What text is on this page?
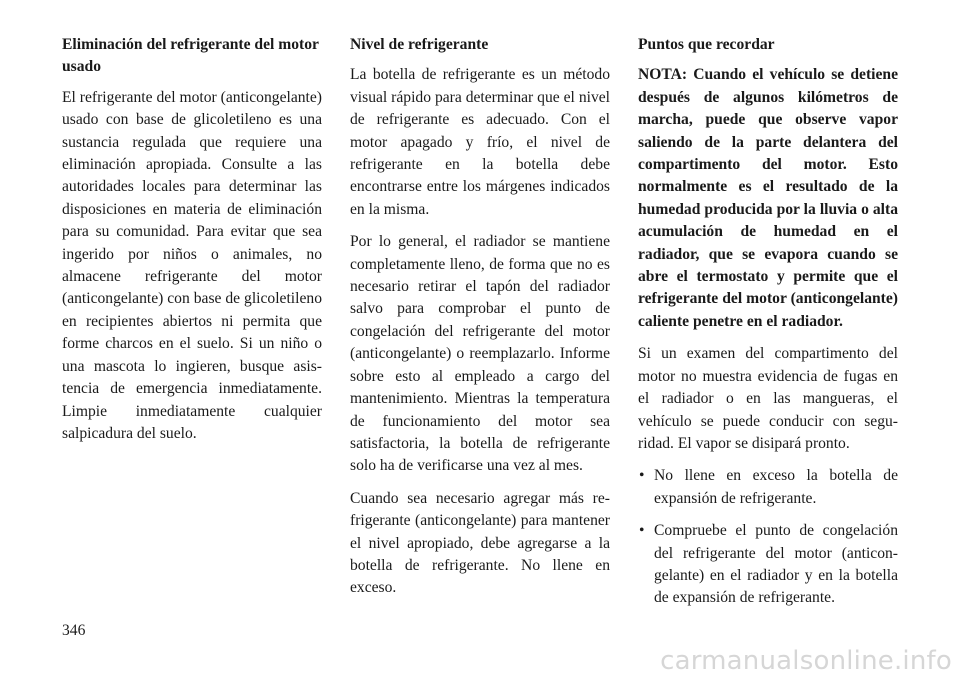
Eliminación del refrigerante del motor usado
El refrigerante del motor (anticongelante) usado con base de glicoletileno es una sustancia regulada que requiere una eliminación apropiada. Consulte a las autoridades locales para determinar las disposiciones en materia de eliminación para su comunidad. Para evitar que sea ingerido por niños o animales, no almacene refrigerante del motor (anticongelante) con base de glicoletileno en recipientes abiertos ni permita que forme charcos en el suelo. Si un niño o una mascota lo ingieren, busque asistencia de emergencia inmediatamente. Limpie inmediatamente cualquier salpicadura del suelo.
Nivel de refrigerante
La botella de refrigerante es un método visual rápido para determinar que el nivel de refrigerante es adecuado. Con el motor apagado y frío, el nivel de refrigerante en la botella debe encontrarse entre los márgenes indicados en la misma.
Por lo general, el radiador se mantiene completamente lleno, de forma que no es necesario retirar el tapón del radiador salvo para comprobar el punto de congelación del refrigerante del motor (anticongelante) o reemplazarlo. Informe sobre esto al empleado a cargo del mantenimiento. Mientras la temperatura de funcionamiento del motor sea satisfactoria, la botella de refrigerante solo ha de verificarse una vez al mes.
Cuando sea necesario agregar más refrigerante (anticongelante) para mantener el nivel apropiado, debe agregarse a la botella de refrigerante. No llene en exceso.
Puntos que recordar
NOTA: Cuando el vehículo se detiene después de algunos kilómetros de marcha, puede que observe vapor saliendo de la parte delantera del compartimento del motor. Esto normalmente es el resultado de la humedad producida por la lluvia o alta acumulación de humedad en el radiador, que se evapora cuando se abre el termostato y permite que el refrigerante del motor (anticongelante) caliente penetre en el radiador.
Si un examen del compartimento del motor no muestra evidencia de fugas en el radiador o en las mangueras, el vehículo se puede conducir con seguridad. El vapor se disipará pronto.
• No llene en exceso la botella de expansión de refrigerante.
• Compruebe el punto de congelación del refrigerante del motor (anticongelante) en el radiador y en la botella de expansión de refrigerante.
346
carmanualsonline.info
